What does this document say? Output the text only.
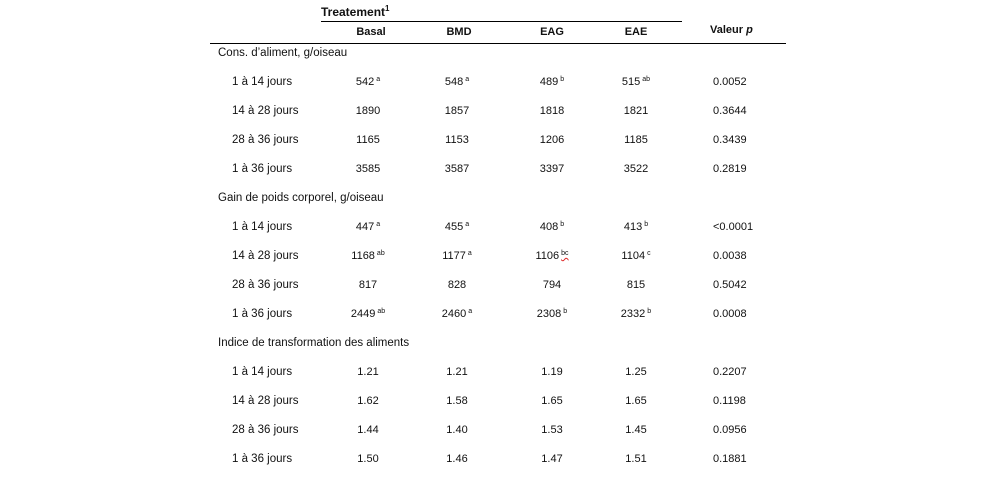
Treatement$^1$
Basal	BMD	EAG	EAE	Valeur p
Cons. d’aliment, g/oiseau
1 à 14 jours	542 $^a$	548 $^a$	489 $^b$	515 $^{ab}$	0.0052
14 à 28 jours	1890	1857	1818	1821	0.3644
28 à 36 jours	1165	1153	1206	1185	0.3439
1 à 36 jours	3585	3587	3397	3522	0.2819
Gain de poids corporel, g/oiseau
1 à 14 jours	447 $^a$	455 $^a$	408 $^b$	413 $^b$	<0.0001
14 à 28 jours	1168 $^{ab}$	1177 $^a$	1106 $^{bc}$	1104 $^c$	0.0038
28 à 36 jours	817	828	794	815	0.5042
1 à 36 jours	2449 $^{ab}$	2460 $^a$	2308 $^b$	2332 $^b$	0.0008
Indice de transformation des aliments
1 à 14 jours	1.21	1.21	1.19	1.25	0.2207
14 à 28 jours	1.62	1.58	1.65	1.65	0.1198
28 à 36 jours	1.44	1.40	1.53	1.45	0.0956
1 à 36 jours	1.50	1.46	1.47	1.51	0.1881
